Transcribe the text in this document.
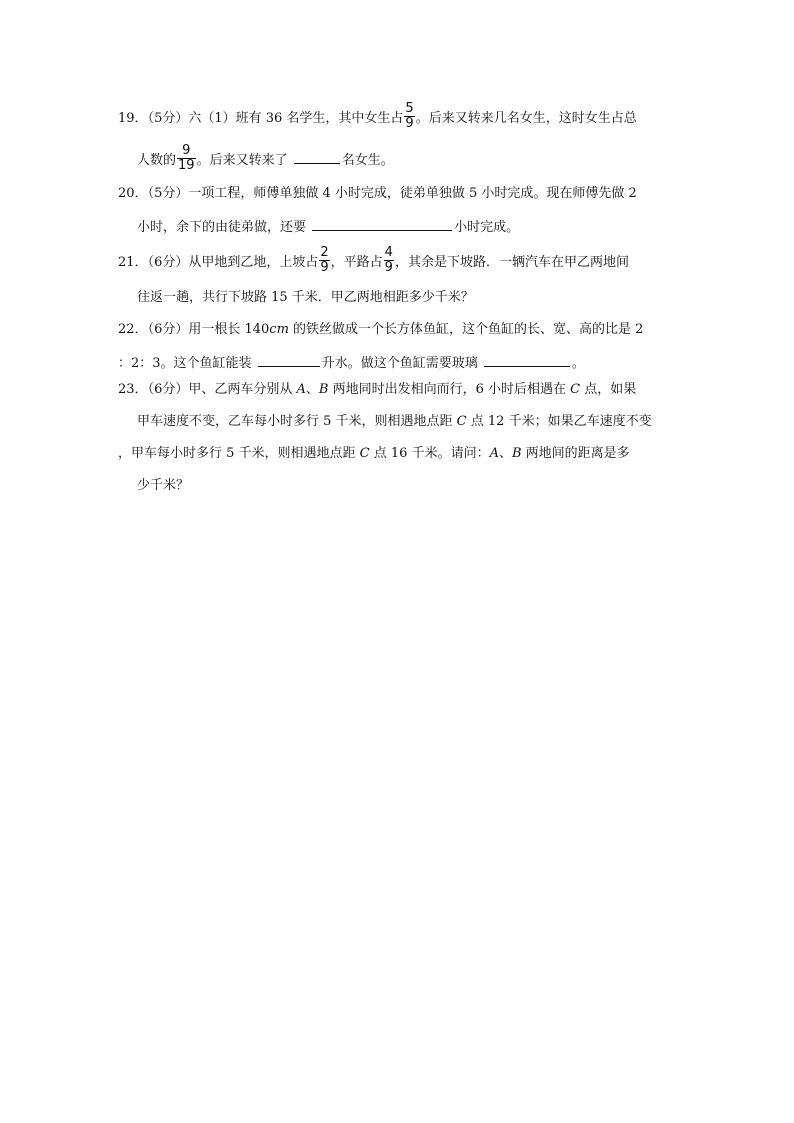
19．（5分）六（1）班有 36 名学生，其中女生占 $\frac{5}{9}$ 。后来又转来几名女生，这时女生占总
人数的 $\frac{9}{19}$ 。后来又转来了	名女生。
20．（5分）一项工程，师傅单独做 4 小时完成，徒弟单独做 5 小时完成。现在师傅先做 2
小时，余下的由徒弟做，还要	小时完成。
21．（6分）从甲地到乙地，上坡占 $\frac{2}{9}$ ，平路占 $\frac{4}{9}$ ，其余是下坡路．一辆汽车在甲乙两地间
往返一趟，共行下坡路 15 千米．甲乙两地相距多少千米？
22．（6分）用一根长 140cm 的铁丝做成一个长方体鱼缸，这个鱼缸的长、宽、高的比是 2
：2：3。这个鱼缸能装	升水。做这个鱼缸需要玻璃	。
23．（6分）甲、乙两车分别从 A、B 两地同时出发相向而行，6 小时后相遇在 C 点，如果
甲车速度不变，乙车每小时多行 5 千米，则相遇地点距 C 点 12 千米；如果乙车速度不变
，甲车每小时多行 5 千米，则相遇地点距 C 点 16 千米。请问：A、B 两地间的距离是多
少千米？
